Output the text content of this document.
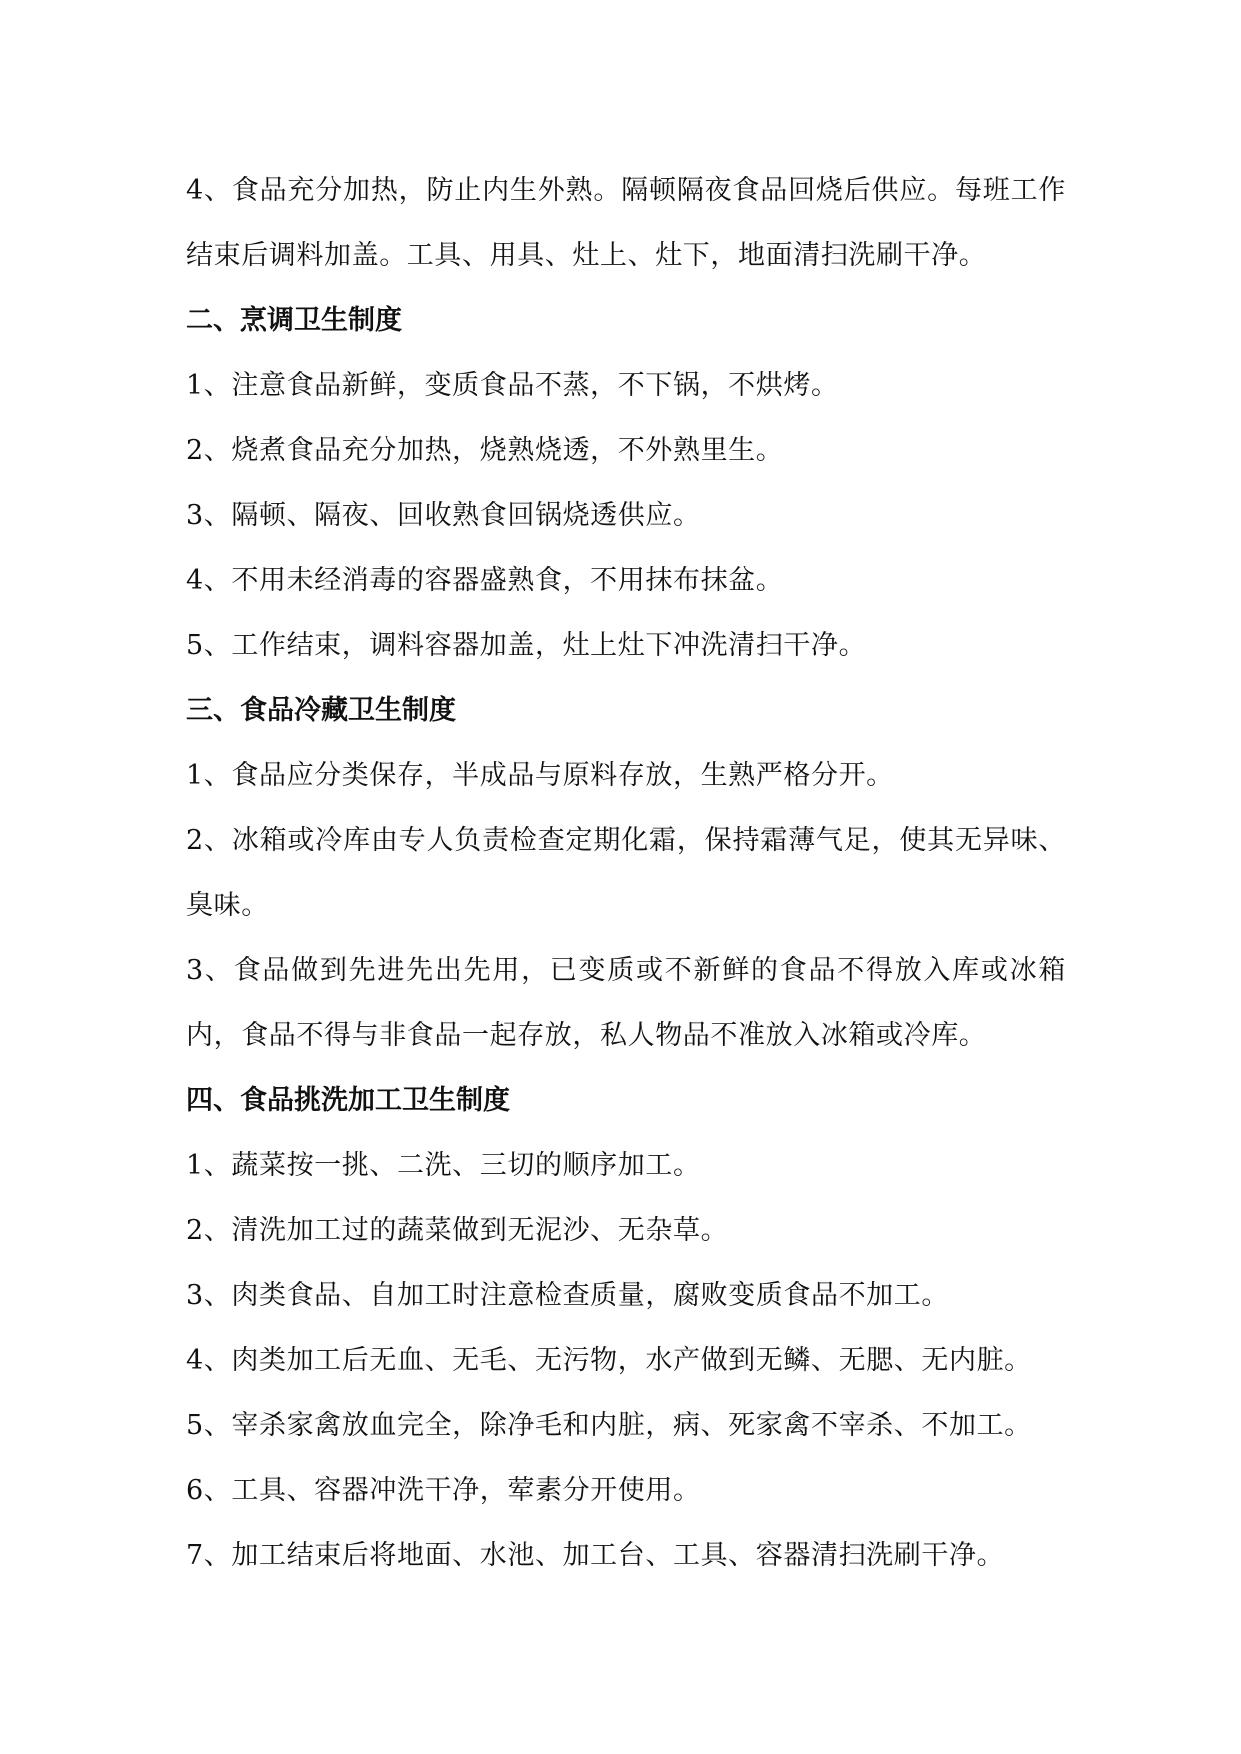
4、食品充分加热，防止内生外熟。隔顿隔夜食品回烧后供应。每班工作结束后调料加盖。工具、用具、灶上、灶下，地面清扫洗刷干净。
二、烹调卫生制度
1、注意食品新鲜，变质食品不蒸，不下锅，不烘烤。
2、烧煮食品充分加热，烧熟烧透，不外熟里生。
3、隔顿、隔夜、回收熟食回锅烧透供应。
4、不用未经消毒的容器盛熟食，不用抹布抹盆。
5、工作结束，调料容器加盖，灶上灶下冲洗清扫干净。
三、食品冷藏卫生制度
1、食品应分类保存，半成品与原料存放，生熟严格分开。
2、冰箱或冷库由专人负责检查定期化霜，保持霜薄气足，使其无异味、臭味。
3、食品做到先进先出先用，已变质或不新鲜的食品不得放入库或冰箱内，食品不得与非食品一起存放，私人物品不准放入冰箱或冷库。
四、食品挑洗加工卫生制度
1、蔬菜按一挑、二洗、三切的顺序加工。
2、清洗加工过的蔬菜做到无泥沙、无杂草。
3、肉类食品、自加工时注意检查质量，腐败变质食品不加工。
4、肉类加工后无血、无毛、无污物，水产做到无鳞、无腮、无内脏。
5、宰杀家禽放血完全，除净毛和内脏，病、死家禽不宰杀、不加工。
6、工具、容器冲洗干净，荤素分开使用。
7、加工结束后将地面、水池、加工台、工具、容器清扫洗刷干净。
